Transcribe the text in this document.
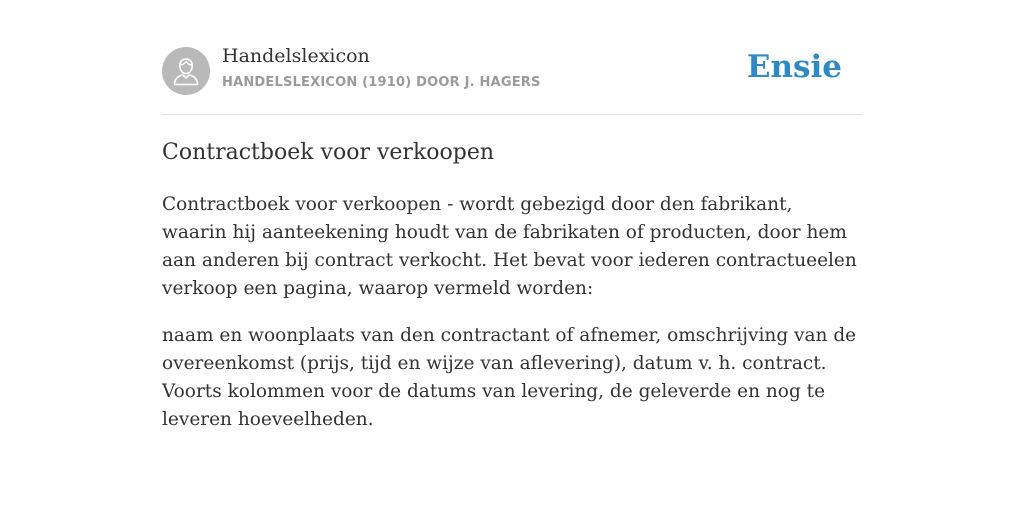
Handelslexicon
HANDELSLEXICON (1910) DOOR J. HAGERS	Ensie
Contractboek voor verkoopen

Contractboek voor verkoopen - wordt gebezigd door den fabrikant, waarin hij aanteekening houdt van de fabrikaten of producten, door hem aan anderen bij contract verkocht. Het bevat voor iederen contractueelen verkoop een pagina, waarop vermeld worden:

naam en woonplaats van den contractant of afnemer, omschrijving van de overeenkomst (prijs, tijd en wijze van aflevering), datum v. h. contract. Voorts kolommen voor de datums van levering, de geleverde en nog te leveren hoeveelheden.
